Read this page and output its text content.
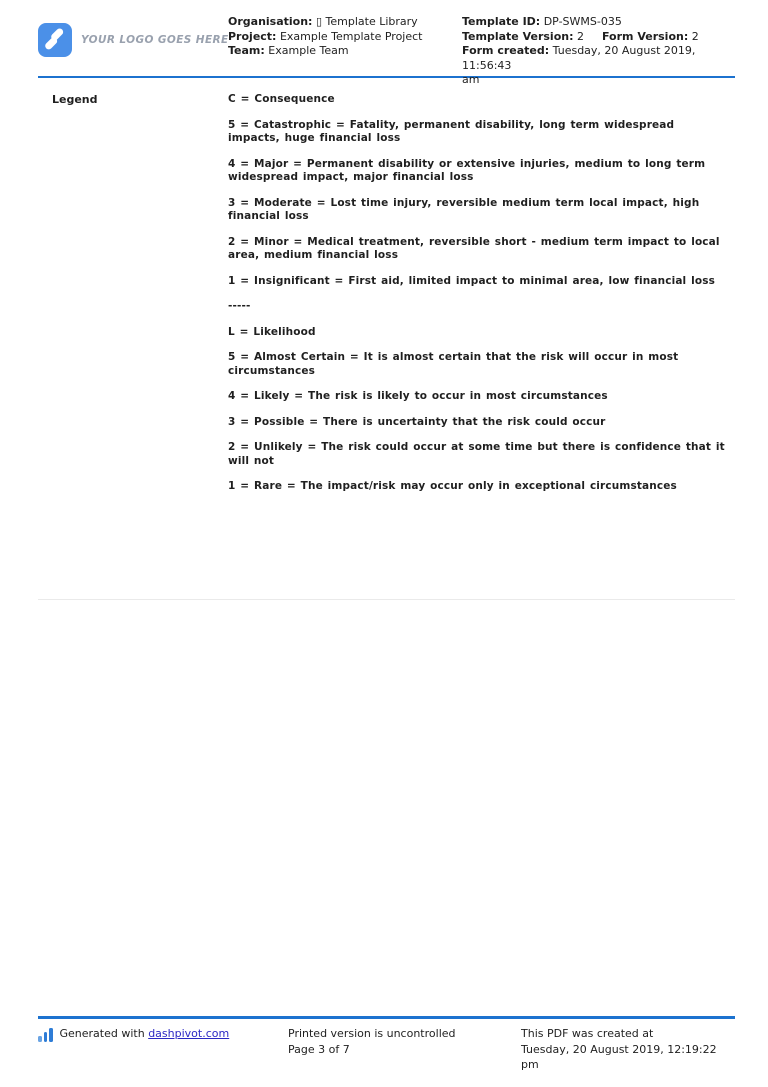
YOUR LOGO GOES HERE
Organisation: ▯ Template Library
Project: Example Template Project
Team: Example Team
Template ID: DP-SWMS-035
Template Version: 2 Form Version: 2
Form created: Tuesday, 20 August 2019, 11:56:43
am
Legend	C = Consequence

5 = Catastrophic = Fatality, permanent disability, long term widespread impacts, huge financial loss

4 = Major = Permanent disability or extensive injuries, medium to long term widespread impact, major financial loss

3 = Moderate = Lost time injury, reversible medium term local impact, high financial loss

2 = Minor = Medical treatment, reversible short - medium term impact to local area, medium financial loss

1 = Insignificant = First aid, limited impact to minimal area, low financial loss

-----

L = Likelihood

5 = Almost Certain = It is almost certain that the risk will occur in most circumstances

4 = Likely = The risk is likely to occur in most circumstances

3 = Possible = There is uncertainty that the risk could occur

2 = Unlikely = The risk could occur at some time but there is confidence that it will not

1 = Rare = The impact/risk may occur only in exceptional circumstances

Generated with dashpivot.com	Printed version is uncontrolled
Page 3 of 7
This PDF was created at
Tuesday, 20 August 2019, 12:19:22
pm
